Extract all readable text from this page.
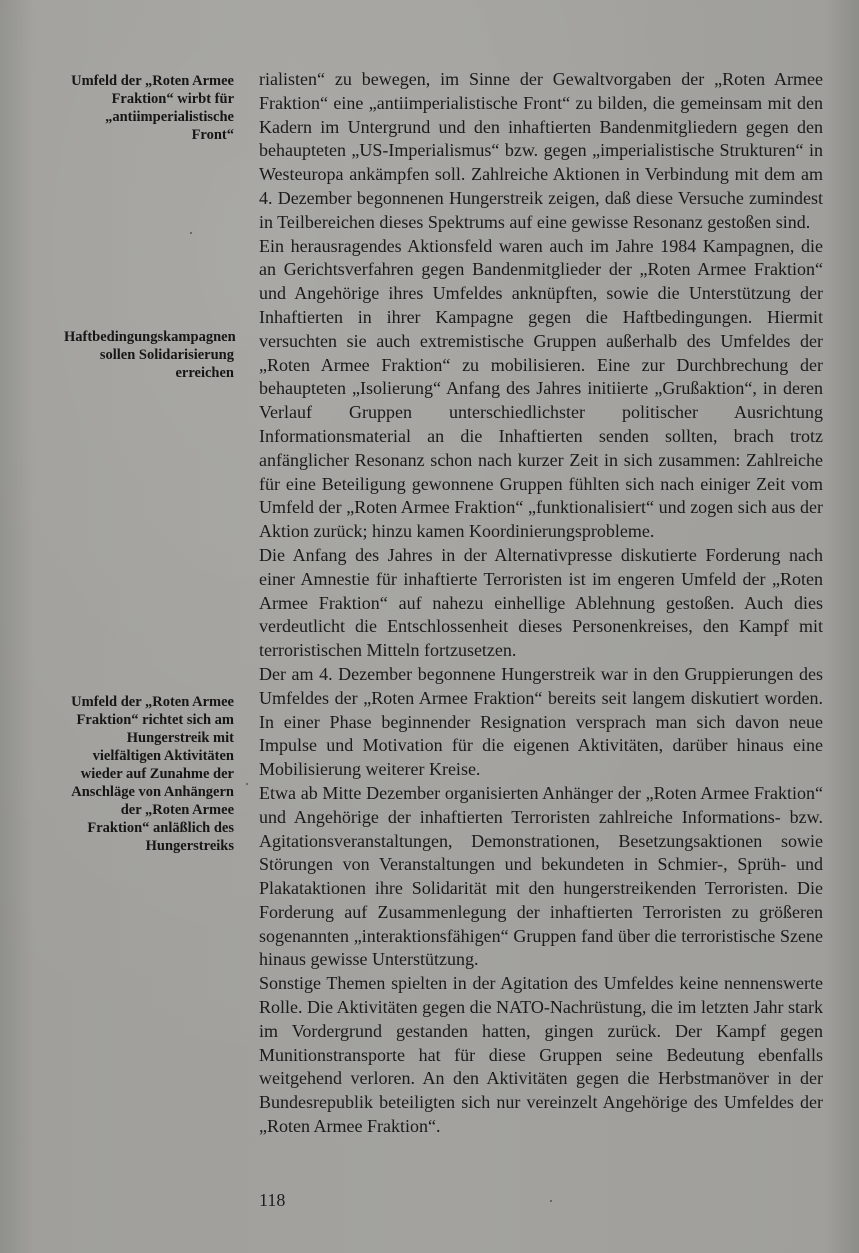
Umfeld der „Roten Armee Fraktion“ wirbt für „antiimperialistische Front“
Haftbedingungskampagnen sollen Solidarisierung erreichen
Umfeld der „Roten Armee Fraktion“ richtet sich am Hungerstreik mit vielfältigen Aktivitäten wieder auf Zunahme der Anschläge von Anhängern der „Roten Armee Fraktion“ anläßlich des Hungerstreiks

rialisten“ zu bewegen, im Sinne der Gewaltvorgaben der „Roten Armee Fraktion“ eine „antiimperialistische Front“ zu bilden, die gemeinsam mit den Kadern im Untergrund und den inhaftierten Bandenmitgliedern gegen den behaupteten „US-Imperialismus“ bzw. gegen „imperialistische Strukturen“ in Westeuropa ankämpfen soll. Zahlreiche Aktionen in Verbindung mit dem am 4. Dezember begonnenen Hungerstreik zeigen, daß diese Versuche zumindest in Teilbereichen dieses Spektrums auf eine gewisse Resonanz gestoßen sind.

Ein herausragendes Aktionsfeld waren auch im Jahre 1984 Kampagnen, die an Gerichtsverfahren gegen Bandenmitglieder der „Roten Armee Fraktion“ und Angehörige ihres Umfeldes anknüpften, sowie die Unterstützung der Inhaftierten in ihrer Kampagne gegen die Haftbedingungen. Hiermit versuchten sie auch extremistische Gruppen außerhalb des Umfeldes der „Roten Armee Fraktion“ zu mobilisieren. Eine zur Durchbrechung der behaupteten „Isolierung“ Anfang des Jahres initiierte „Grußaktion“, in deren Verlauf Gruppen unterschiedlichster politischer Ausrichtung Informationsmaterial an die Inhaftierten senden sollten, brach trotz anfänglicher Resonanz schon nach kurzer Zeit in sich zusammen: Zahlreiche für eine Beteiligung gewonnene Gruppen fühlten sich nach einiger Zeit vom Umfeld der „Roten Armee Fraktion“ „funktionalisiert“ und zogen sich aus der Aktion zurück; hinzu kamen Koordinierungsprobleme.

Die Anfang des Jahres in der Alternativpresse diskutierte Forderung nach einer Amnestie für inhaftierte Terroristen ist im engeren Umfeld der „Roten Armee Fraktion“ auf nahezu einhellige Ablehnung gestoßen. Auch dies verdeutlicht die Entschlossenheit dieses Personenkreises, den Kampf mit terroristischen Mitteln fortzusetzen.

Der am 4. Dezember begonnene Hungerstreik war in den Gruppierungen des Umfeldes der „Roten Armee Fraktion“ bereits seit langem diskutiert worden. In einer Phase beginnender Resignation versprach man sich davon neue Impulse und Motivation für die eigenen Aktivitäten, darüber hinaus eine Mobilisierung weiterer Kreise.

Etwa ab Mitte Dezember organisierten Anhänger der „Roten Armee Fraktion“ und Angehörige der inhaftierten Terroristen zahlreiche Informations- bzw. Agitationsveranstaltungen, Demonstrationen, Besetzungsaktionen sowie Störungen von Veranstaltungen und bekundeten in Schmier-, Sprüh- und Plakataktionen ihre Solidarität mit den hungerstreikenden Terroristen. Die Forderung auf Zusammenlegung der inhaftierten Terroristen zu größeren sogenannten „interaktionsfähigen“ Gruppen fand über die terroristische Szene hinaus gewisse Unterstützung.

Sonstige Themen spielten in der Agitation des Umfeldes keine nennenswerte Rolle. Die Aktivitäten gegen die NATO-Nachrüstung, die im letzten Jahr stark im Vordergrund gestanden hatten, gingen zurück. Der Kampf gegen Munitionstransporte hat für diese Gruppen seine Bedeutung ebenfalls weitgehend verloren. An den Aktivitäten gegen die Herbstmanöver in der Bundesrepublik beteiligten sich nur vereinzelt Angehörige des Umfeldes der „Roten Armee Fraktion“.

118
